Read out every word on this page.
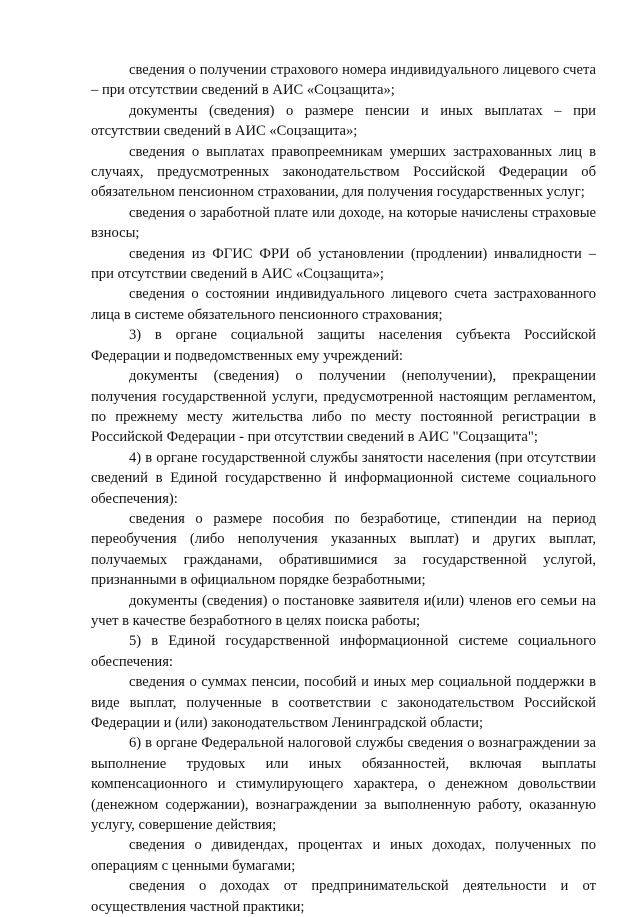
сведения о получении страхового номера индивидуального лицевого счета – при отсутствии сведений в АИС «Соцзащита»;

документы (сведения) о размере пенсии и иных выплатах – при отсутствии сведений в АИС «Соцзащита»;

сведения о выплатах правопреемникам умерших застрахованных лиц в случаях, предусмотренных законодательством Российской Федерации об обязательном пенсионном страховании, для получения государственных услуг;

сведения о заработной плате или доходе, на которые начислены страховые взносы;

сведения из ФГИС ФРИ об установлении (продлении) инвалидности – при отсутствии сведений в АИС «Соцзащита»;

сведения о состоянии индивидуального лицевого счета застрахованного лица в системе обязательного пенсионного страхования;

3) в органе социальной защиты населения субъекта Российской Федерации и подведомственных ему учреждений:

документы (сведения) о получении (неполучении), прекращении получения государственной услуги, предусмотренной настоящим регламентом, по прежнему месту жительства либо по месту постоянной регистрации в Российской Федерации - при отсутствии сведений в АИС "Соцзащита";

4) в органе государственной службы занятости населения (при отсутствии сведений в Единой государственно й информационной системе социального обеспечения):

сведения о размере пособия по безработице, стипендии на период переобучения (либо неполучения указанных выплат) и других выплат, получаемых гражданами, обратившимися за государственной услугой, признанными в официальном порядке безработными;

документы (сведения) о постановке заявителя и(или) членов его семьи на учет в качестве безработного в целях поиска работы;

5) в Единой государственной информационной системе социального обеспечения:

сведения о суммах пенсии, пособий и иных мер социальной поддержки в виде выплат, полученные в соответствии с законодательством Российской Федерации и (или) законодательством Ленинградской области;

6) в органе Федеральной налоговой службы сведения о вознаграждении за выполнение трудовых или иных обязанностей, включая выплаты компенсационного и стимулирующего характера, о денежном довольствии (денежном содержании), вознаграждении за выполненную работу, оказанную услугу, совершение действия;

сведения о дивидендах, процентах и иных доходах, полученных по операциям с ценными бумагами;

сведения о доходах от предпринимательской деятельности и от осуществления частной практики;
